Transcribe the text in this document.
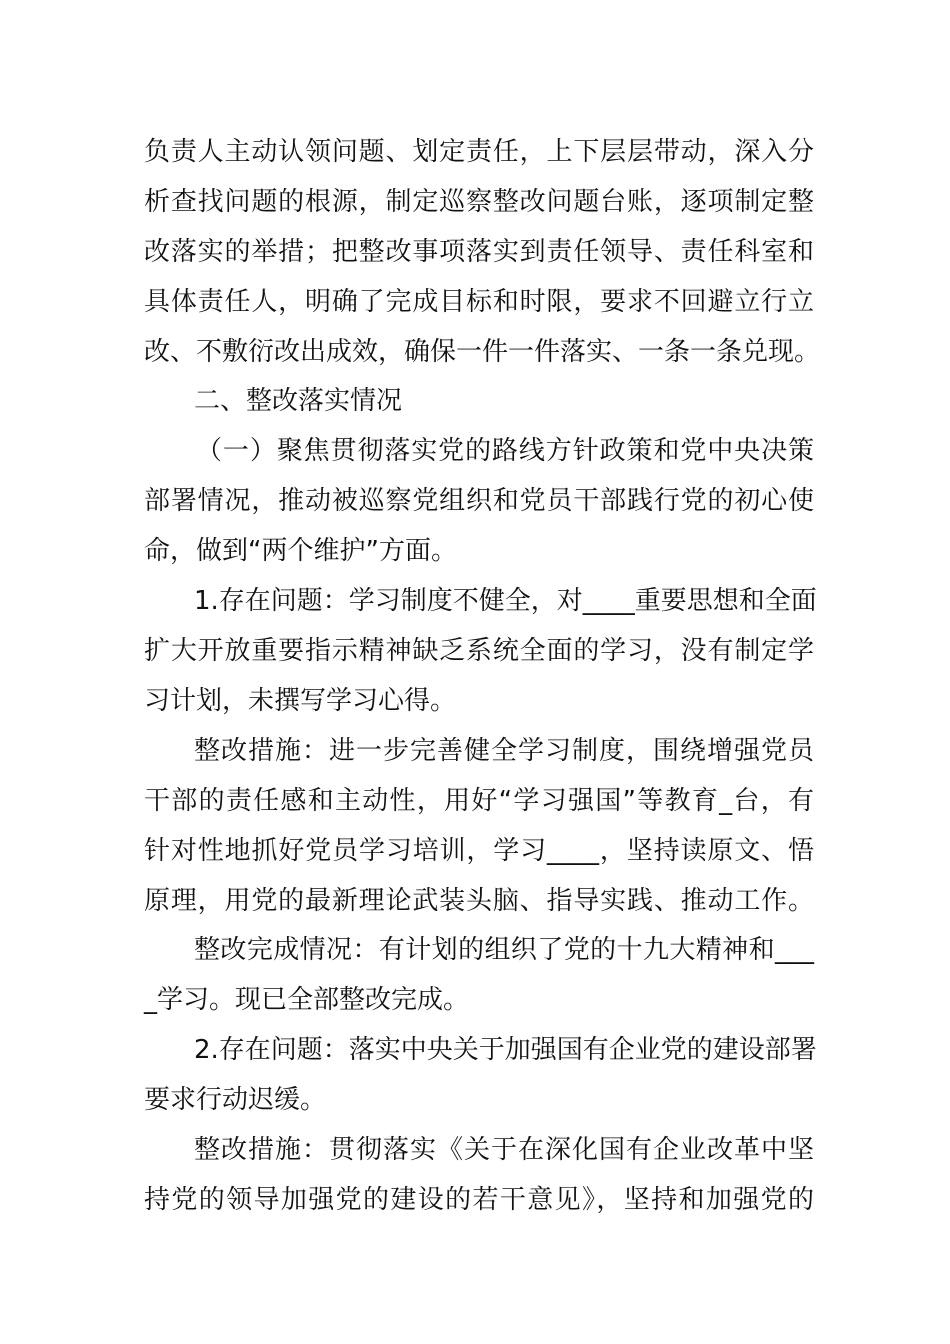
负责人主动认领问题、划定责任，上下层层带动，深入分
析查找问题的根源，制定巡察整改问题台账，逐项制定整
改落实的举措；把整改事项落实到责任领导、责任科室和
具体责任人，明确了完成目标和时限，要求不回避立行立
改、不敷衍改出成效，确保一件一件落实、一条一条兑现。
二、整改落实情况
（一）聚焦贯彻落实党的路线方针政策和党中央决策
部署情况，推动被巡察党组织和党员干部践行党的初心使
命，做到“两个维护”方面。
1.存在问题：学习制度不健全，对____重要思想和全面
扩大开放重要指示精神缺乏系统全面的学习，没有制定学
习计划，未撰写学习心得。
整改措施：进一步完善健全学习制度，围绕增强党员
干部的责任感和主动性，用好“学习强国”等教育_台，有
针对性地抓好党员学习培训，学习____，坚持读原文、悟
原理，用党的最新理论武装头脑、指导实践、推动工作。
整改完成情况：有计划的组织了党的十九大精神和___
_学习。现已全部整改完成。
2.存在问题：落实中央关于加强国有企业党的建设部署
要求行动迟缓。
整改措施：贯彻落实《关于在深化国有企业改革中坚
持党的领导加强党的建设的若干意见》，坚持和加强党的
